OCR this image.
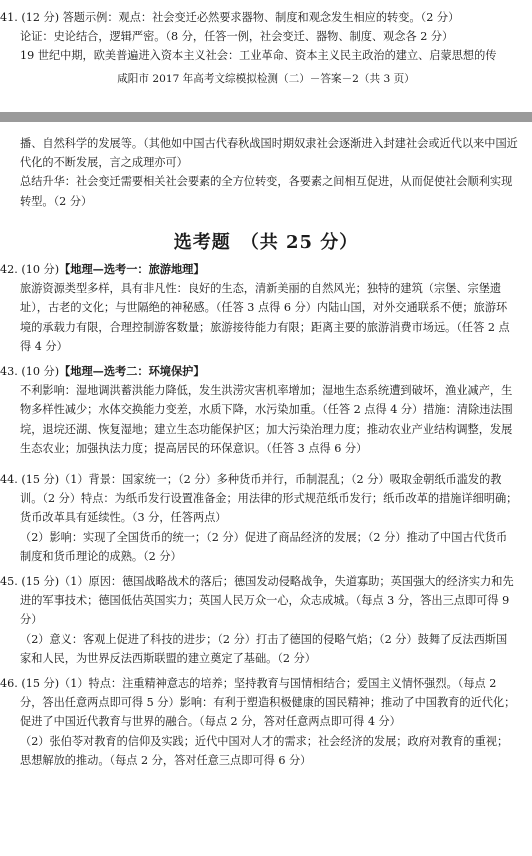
41. (12 分) 答题示例：观点：社会变迁必然要求器物、制度和观念发生相应的转变。（2 分）

论证：史论结合，逻辑严密。（8 分，任答一例，社会变迁、器物、制度、观念各 2 分）

19 世纪中期，欧美普遍进入资本主义社会：工业革命、资本主义民主政治的建立、启蒙思想的传

咸阳市 2017 年高考文综模拟检测（二）－答案－2（共 3 页）

播、自然科学的发展等。（其他如中国古代春秋战国时期奴隶社会逐渐进入封建社会或近代以来中国近代化的不断发展，言之成理亦可）

总结升华：社会变迁需要相关社会要素的全方位转变，各要素之间相互促进，从而促使社会顺利实现转型。（2 分）

选考题　（共 25 分）

42. (10 分)【地理—选考一：旅游地理】

旅游资源类型多样，具有非凡性：良好的生态，清新美丽的自然风光；独特的建筑（宗堡、宗堡遗址），古老的文化；与世隔绝的神秘感。（任答 3 点得 6 分）内陆山国，对外交通联系不便；旅游环境的承载力有限，合理控制游客数量；旅游接待能力有限；距离主要的旅游消费市场远。（任答 2 点得 4 分）

43. (10 分)【地理—选考二：环境保护】

不利影响：湿地调洪蓄洪能力降低，发生洪涝灾害机率增加；湿地生态系统遭到破坏，渔业减产，生物多样性减少；水体交换能力变差，水质下降，水污染加重。（任答 2 点得 4 分）措施：清除违法围垸，退垸还湖、恢复湿地；建立生态功能保护区；加大污染治理力度；推动农业产业结构调整，发展生态农业；加强执法力度；提高居民的环保意识。（任答 3 点得 6 分）

44. (15 分)（1）背景：国家统一；（2 分）多种货币并行，币制混乱；（2 分）吸取金朝纸币滥发的教训。（2 分）特点：为纸币发行设置准备金；用法律的形式规范纸币发行；纸币改革的措施详细明确；货币改革具有延续性。（3 分，任答两点）

（2）影响：实现了全国货币的统一；（2 分）促进了商品经济的发展；（2 分）推动了中国古代货币制度和货币理论的成熟。（2 分）

45. (15 分)（1）原因：德国战略战术的落后；德国发动侵略战争，失道寡助；英国强大的经济实力和先进的军事技术；德国低估英国实力；英国人民万众一心，众志成城。（每点 3 分，答出三点即可得 9 分）

（2）意义：客观上促进了科技的进步；（2 分）打击了德国的侵略气焰；（2 分）鼓舞了反法西斯国家和人民，为世界反法西斯联盟的建立奠定了基础。（2 分）

46. (15 分)（1）特点：注重精神意志的培养；坚持教育与国情相结合；爱国主义情怀强烈。（每点 2 分，答出任意两点即可得 5 分）影响：有利于塑造积极健康的国民精神；推动了中国教育的近代化；促进了中国近代教育与世界的融合。（每点 2 分，答对任意两点即可得 4 分）

（2）张伯苓对教育的信仰及实践；近代中国对人才的需求；社会经济的发展；政府对教育的重视；思想解放的推动。（每点 2 分，答对任意三点即可得 6 分）
